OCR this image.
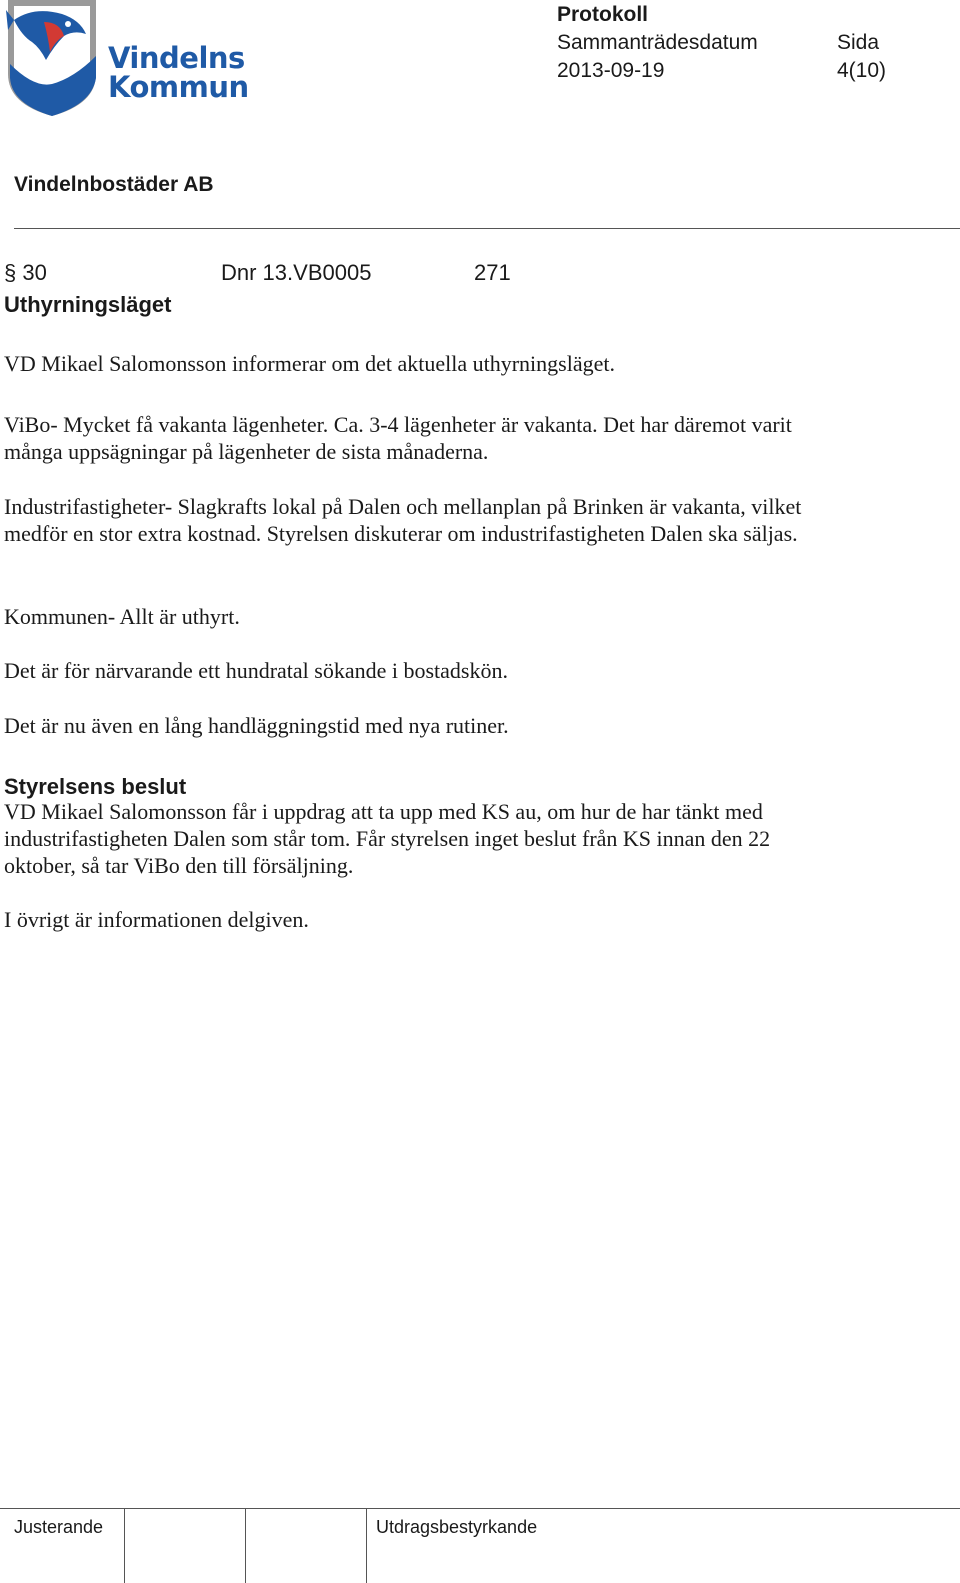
Vindelns
Kommun
Protokoll
Sammanträdesdatum
2013-09-19
Sida
4(10)
Vindelnbostäder AB
§ 30	Dnr 13.VB0005	271
Uthyrningsläget
VD Mikael Salomonsson informerar om det aktuella uthyrningsläget.
ViBo- Mycket få vakanta lägenheter. Ca. 3-4 lägenheter är vakanta. Det har däremot varit många uppsägningar på lägenheter de sista månaderna.
Industrifastigheter- Slagkrafts lokal på Dalen och mellanplan på Brinken är vakanta, vilket medför en stor extra kostnad. Styrelsen diskuterar om industrifastigheten Dalen ska säljas.
Kommunen- Allt är uthyrt.
Det är för närvarande ett hundratal sökande i bostadskön.
Det är nu även en lång handläggningstid med nya rutiner.
Styrelsens beslut
VD Mikael Salomonsson får i uppdrag att ta upp med KS au, om hur de har tänkt med industrifastigheten Dalen som står tom. Får styrelsen inget beslut från KS innan den 22 oktober, så tar ViBo den till försäljning.
I övrigt är informationen delgiven.
Justerande	Utdragsbestyrkande
